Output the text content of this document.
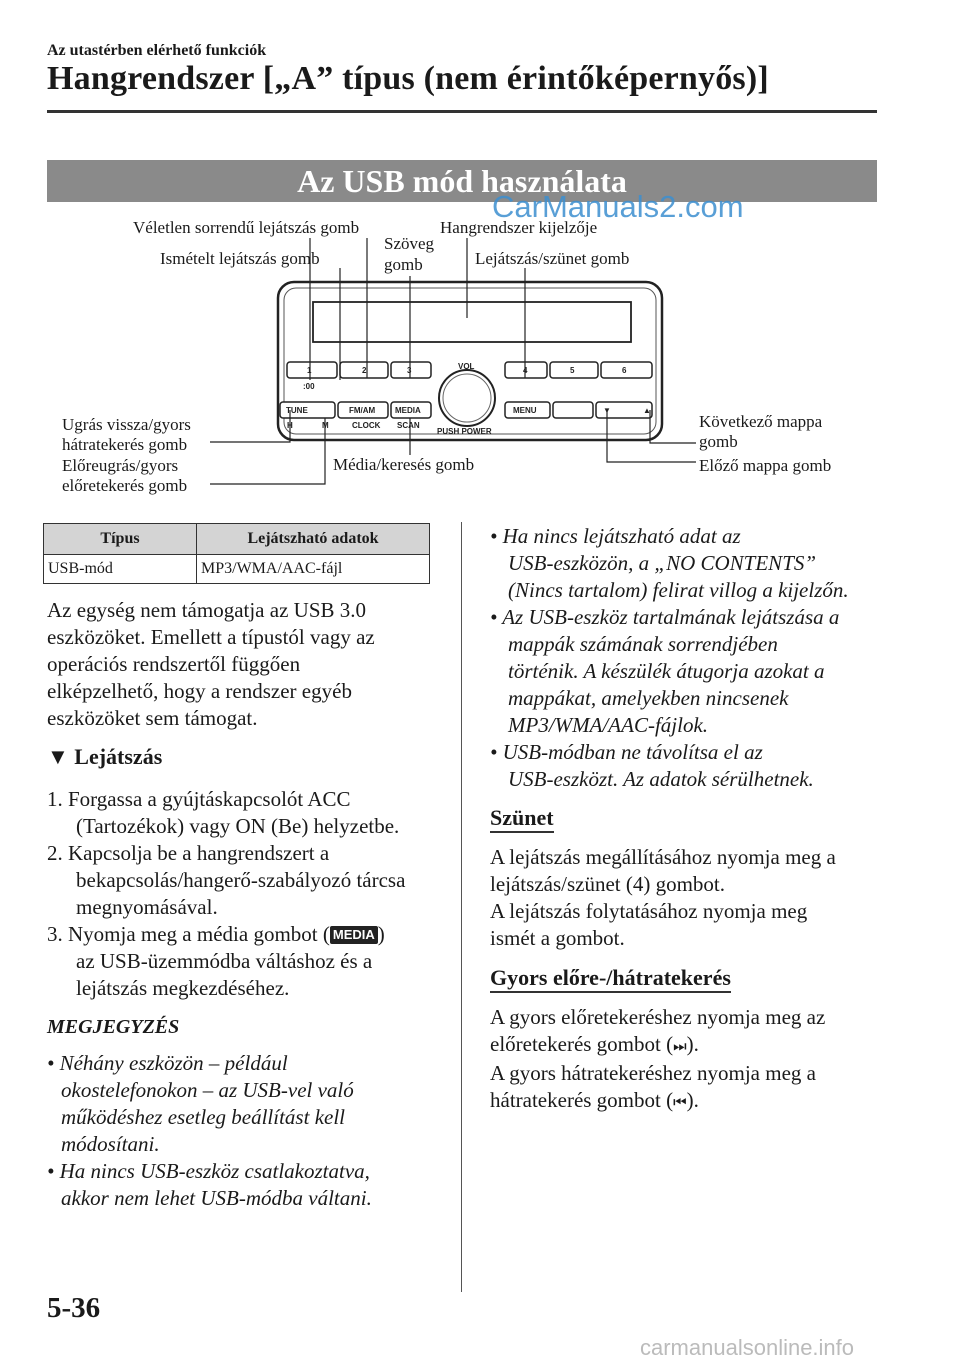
Az utastérben elérhető funkciók
Hangrendszer [„A” típus (nem érintőképernyős)]
Az USB mód használata
1	2	3	4	5	6
VOL
:00
TUNE	FM/AM MEDIA	MENU	▼	▲
H	M	CLOCK SCAN
PUSH POWER
Véletlen sorrendű lejátszás gomb
Ismételt lejátszás gomb
Szöveg
gomb
Hangrendszer kijelzője
Lejátszás/szünet gomb
Ugrás vissza/gyors
hátratekerés gomb
Előreugrás/gyors
előretekerés gomb
Média/keresés gomb
Következő mappa
gomb
Előző mappa gomb
CarManuals2.com
Típus	Lejátszható adatok
USB-mód	MP3/WMA/AAC-fájl
Az egység nem támogatja az USB 3.0
eszközöket. Emellett a típustól vagy az
operációs rendszertől függően
elképzelhető, hogy a rendszer egyéb
eszközöket sem támogat.
▼ Lejátszás
1. Forgassa a gyújtáskapcsolót ACC
(Tartozékok) vagy ON (Be) helyzetbe.
2. Kapcsolja be a hangrendszert a
bekapcsolás/hangerő-szabályozó tárcsa
megnyomásával.
3. Nyomja meg a média gombot ( MEDIA )
az USB-üzemmódba váltáshoz és a
lejátszás megkezdéséhez.
MEGJEGYZÉS
• Néhány eszközön – például
okostelefonokon – az USB-vel való
működéshez esetleg beállítást kell
módosítani.
• Ha nincs USB-eszköz csatlakoztatva,
akkor nem lehet USB-módba váltani.
• Ha nincs lejátszható adat az
USB-eszközön, a „NO CONTENTS”
(Nincs tartalom) felirat villog a kijelzőn.
• Az USB-eszköz tartalmának lejátszása a
mappák számának sorrendjében
történik. A készülék átugorja azokat a
mappákat, amelyekben nincsenek
MP3/WMA/AAC-fájlok.
• USB-módban ne távolítsa el az
USB-eszközt. Az adatok sérülhetnek.
Szünet
A lejátszás megállításához nyomja meg a
lejátszás/szünet (4) gombot.
A lejátszás folytatásához nyomja meg
ismét a gombot.
Gyors előre-/hátratekerés
A gyors előretekeréshez nyomja meg az
előretekerés gombot (⏭).
A gyors hátratekeréshez nyomja meg a
hátratekerés gombot (⏮).
5-36
carmanualsonline.info
